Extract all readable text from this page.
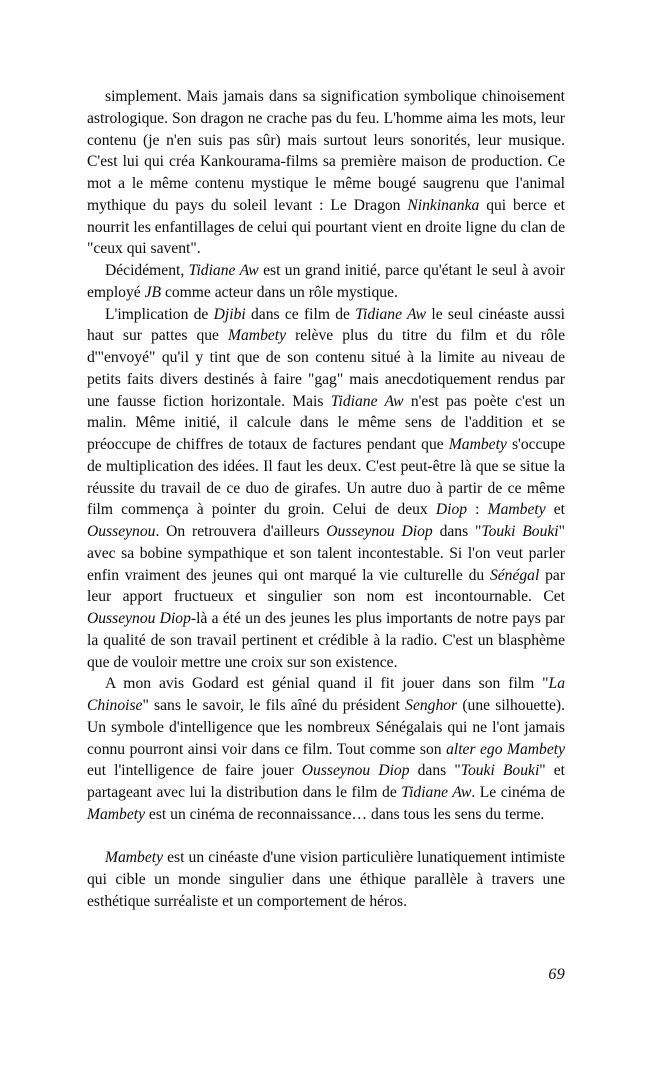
simplement. Mais jamais dans sa signification symbolique chinoisement astrologique. Son dragon ne crache pas du feu. L'homme aima les mots, leur contenu (je n'en suis pas sûr) mais surtout leurs sonorités, leur musique. C'est lui qui créa Kankourama-films sa première maison de production. Ce mot a le même contenu mystique le même bougé saugrenu que l'animal mythique du pays du soleil levant : Le Dragon Ninkinanka qui berce et nourrit les enfantillages de celui qui pourtant vient en droite ligne du clan de "ceux qui savent".

Décidément, Tidiane Aw est un grand initié, parce qu'étant le seul à avoir employé JB comme acteur dans un rôle mystique.

L'implication de Djibi dans ce film de Tidiane Aw le seul cinéaste aussi haut sur pattes que Mambety relève plus du titre du film et du rôle d'"envoyé" qu'il y tint que de son contenu situé à la limite au niveau de petits faits divers destinés à faire "gag" mais anecdotiquement rendus par une fausse fiction horizontale. Mais Tidiane Aw n'est pas poète c'est un malin. Même initié, il calcule dans le même sens de l'addition et se préoccupe de chiffres de totaux de factures pendant que Mambety s'occupe de multiplication des idées. Il faut les deux. C'est peut-être là que se situe la réussite du travail de ce duo de girafes. Un autre duo à partir de ce même film commença à pointer du groin. Celui de deux Diop : Mambety et Ousseynou. On retrouvera d'ailleurs Ousseynou Diop dans "Touki Bouki" avec sa bobine sympathique et son talent incontestable. Si l'on veut parler enfin vraiment des jeunes qui ont marqué la vie culturelle du Sénégal par leur apport fructueux et singulier son nom est incontournable. Cet Ousseynou Diop-là a été un des jeunes les plus importants de notre pays par la qualité de son travail pertinent et crédible à la radio. C'est un blasphème que de vouloir mettre une croix sur son existence.

A mon avis Godard est génial quand il fit jouer dans son film "La Chinoise" sans le savoir, le fils aîné du président Senghor (une silhouette). Un symbole d'intelligence que les nombreux Sénégalais qui ne l'ont jamais connu pourront ainsi voir dans ce film. Tout comme son alter ego Mambety eut l'intelligence de faire jouer Ousseynou Diop dans "Touki Bouki" et partageant avec lui la distribution dans le film de Tidiane Aw. Le cinéma de Mambety est un cinéma de reconnaissance… dans tous les sens du terme.

Mambety est un cinéaste d'une vision particulière lunatiquement intimiste qui cible un monde singulier dans une éthique parallèle à travers une esthétique surréaliste et un comportement de héros.

69
